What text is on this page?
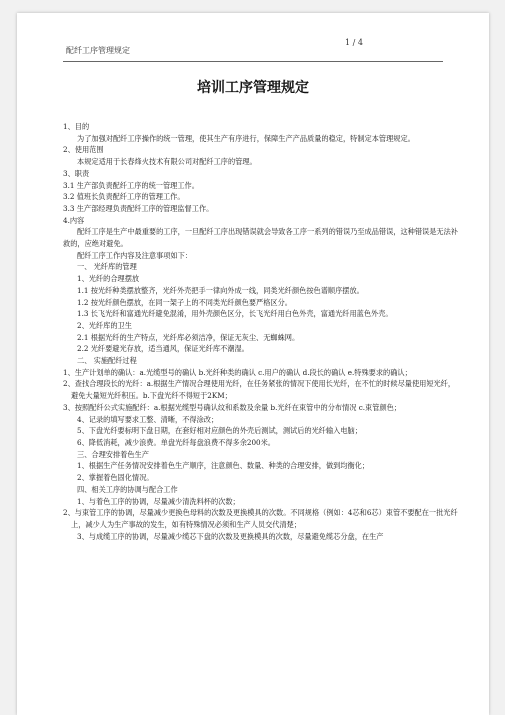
配纤工序管理规定
1 / 4
培训工序管理规定
1、目的
为了加强对配纤工序操作的统一管理，使其生产有序进行，保障生产产品质量的稳定，特制定本管理规定。
2、使用范围
本规定适用于长春烽火技术有限公司对配纤工序的管理。
3、职责
3.1 生产部负责配纤工序的统一管理工作。
3.2 值班长负责配纤工序的管理工作。
3.3 生产部经理负责配纤工序的管理监督工作。
4.内容
配纤工序是生产中最重要的工序，一旦配纤工序出现错误就会导致各工序一系列的错误乃至成品错误，这种错误是无法补救的，应绝对避免。
配纤工序工作内容及注意事项如下：
一、 光纤库的管理
1、光纤的合理摆放
1.1 按光纤种类摆放整齐，光纤外壳把手一律向外成一线，同类光纤颜色按色谱顺序摆放。
1.2 按光纤颜色摆放，在同一架子上的不同类光纤颜色要严格区分。
1.3 长飞光纤和富通光纤避免混淆，用外壳颜色区分，长飞光纤用白色外壳，富通光纤用蓝色外壳。
2、光纤库的卫生
2.1 根据光纤的生产特点，光纤库必须洁净，保证无灰尘、无蜘蛛网。
2.2 光纤要避光存放，适当通风，保证光纤库不潮湿。
二、 实施配纤过程
1、生产计划单的确认：a.光缆型号的确认 b.光纤种类的确认 c.用户的确认 d.段长的确认 e.特殊要求的确认；
2、查找合理段长的光纤：a.根据生产情况合理使用光纤，在任务紧张的情况下使用长光纤，在不忙的时候尽量使用短光纤，避免大量短光纤积压。b.下盘光纤不得短于2KM；
3、按照配纤公式实施配纤：a.根据光缆型号确认纹和系数及余量 b.光纤在束管中的分布情况 c.束管颜色；
4、记录的填写要求工整、清晰，不得涂改；
5、下盘光纤要标明下盘日期，在套好相对应颜色的外壳后测试，测试后的光纤输入电脑；
6、降低消耗，减少浪费。单盘光纤每盘浪费不得多余200米。
三、合理安排着色生产
1、根据生产任务情况安排着色生产顺序，注意颜色、数量、种类的合理安排，做到均衡化；
2、掌握着色固化情况。
四、相关工序的协调与配合工作
1、与着色工序的协调，尽量减少清洗料杯的次数；
2、与束管工序的协调，尽量减少更换色母料的次数及更换模具的次数。不同规格（例如：4芯和6芯）束管不要配在一批光纤上，减少人为生产事故的发生，如有特殊情况必须和生产人员交代清楚；
3、与成缆工序的协调，尽量减少缆芯下盘的次数及更换模具的次数，尽量避免缆芯分盘，在生产
